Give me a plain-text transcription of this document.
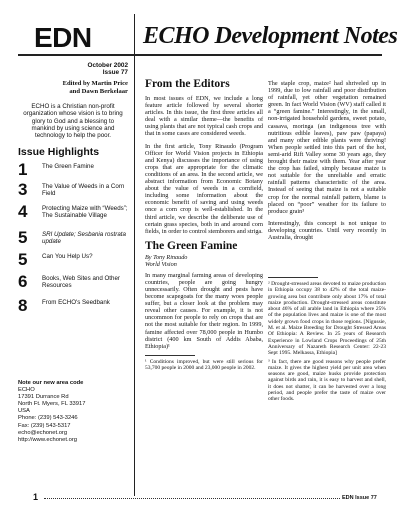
EDN ECHO Development Notes
October 2002
Issue 77
Edited by Martin Price
and Dawn Berkelaar
ECHO is a Christian non-profit organization whose vision is to bring glory to God and a blessing to mankind by using science and technology to help the poor.
Issue Highlights
1 The Green Famine
3 The Value of Weeds in a Corn Field
4 Protecting Maize with “Weeds”; The Sustainable Village
5 SRI Update; Sesbania rostrata update
5 Can You Help Us?
6 Books, Web Sites and Other Resources
8 From ECHO's Seedbank
Note our new area code
ECHO
17391 Durrance Rd
North Ft. Myers, FL 33917
USA
Phone: (239) 543-3246
Fax: (239) 543-5317
echo@echonet.org
http://www.echonet.org
From the Editors

In most issues of EDN, we include a long feature article followed by several shorter articles. In this issue, the first three articles all deal with a similar theme—the benefits of using plants that are not typical cash crops and that in some cases are considered weeds.

In the first article, Tony Rinaudo (Program Officer for World Vision projects in Ethiopia and Kenya) discusses the importance of using crops that are appropriate for the climatic conditions of an area. In the second article, we abstract information from Economic Botany about the value of weeds in a cornfield, including some information about the economic benefit of saving and using weeds once a corn crop is well-established. In the third article, we describe the deliberate use of certain grass species, both in and around corn fields, in order to control stemborers and striga.

The Green Famine
By Tony Rinaudo
World Vision

In many marginal farming areas of developing countries, people are going hungry unnecessarily. Often drought and pests have become scapegoats for the many woes people suffer, but a closer look at the problem may reveal other causes. For example, it is not uncommon for people to rely on crops that are not the most suitable for their region. In 1999, famine affected over 78,000 people in Humbo district (400 km South of Addis Ababa, Ethiopia)¹

¹ Conditions improved, but were still serious for 53,700 people in 2000 and 23,000 people in 2002.

The staple crop, maize² had shriveled up in 1999, due to low rainfall and poor distribution of rainfall, yet other vegetation remained green. In fact World Vision (WV) staff called it a “green famine.” Interestingly, in the small, non-irrigated household gardens, sweet potato, cassava, moringa (an indigenous tree with nutritious edible leaves), paw paw (papaya) and many other edible plants were thriving! When people settled into this part of the hot, semi-arid Rift Valley some 30 years ago, they brought their maize with them. Year after year the crop has failed, simply because maize is not suitable for the unreliable and erratic rainfall patterns characteristic of the area. Instead of seeing that maize is not a suitable crop for the normal rainfall pattern, blame is placed on “poor” weather for its failure to produce grain³

Interestingly, this concept is not unique to developing countries. Until very recently in Australia, drought

² Drought-stressed areas devoted to maize production in Ethiopia occupy 38 to 42% of the total maize-growing area but contribute only about 17% of total maize production. Drought-stressed areas constitute about 46% of all arable land in Ethiopia where 25% of the population lives and maize is one of the most widely grown food crops in those regions. [Nigussie, M. et al. Maize Breeding for Drought Stressed Areas Of Ethiopia: A Review. In 25 years of Research Experience in Lowland Crops Proceedings of 25th Anniversary of Nazareth Research Center: 22-23 Sept 1995. Melkassa, Ethiopia]
³ In fact, there are good reasons why people prefer maize. It gives the highest yield per unit area when seasons are good, maize husks provide protection against birds and rain, it is easy to harvest and shell, it does not shatter, it can be harvested over a long period, and people prefer the taste of maize over other foods.
1	EDN Issue 77
